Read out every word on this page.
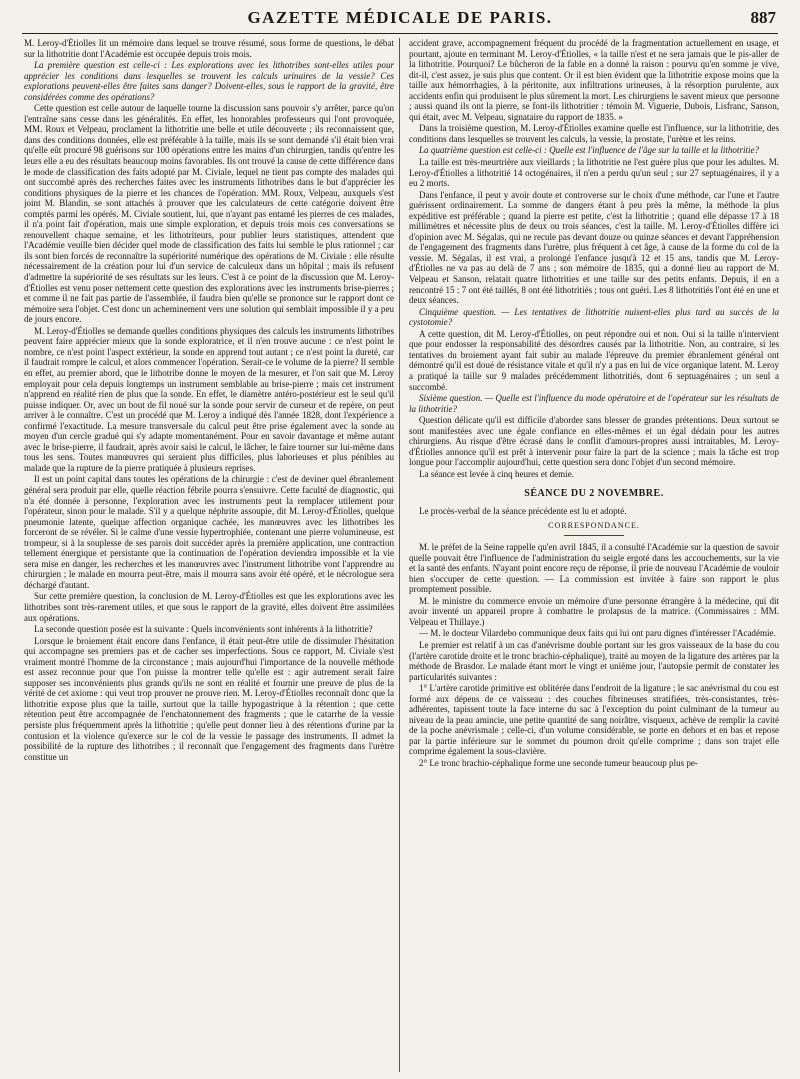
GAZETTE MÉDICALE DE PARIS.	887

M. Leroy-d'Étiolles lit un mémoire dans lequel se trouve résumé, sous forme de questions, le débat sur la lithotritie dont l'Académie est occupée depuis trois mois.

La première question est celle-ci : Les explorations avec les lithotribes sont-elles utiles pour apprécier les conditions dans lesquelles se trouvent les calculs urinaires de la vessie? Ces explorations peuvent-elles être faites sans danger? Doivent-elles, sous le rapport de la gravité, être considérées comme des opérations?

Cette question est celle autour de laquelle tourne la discussion sans pouvoir s'y arrêter, parce qu'on l'entraîne sans cesse dans les généralités. En effet, les honorables professeurs qui l'ont provoquée, MM. Roux et Velpeau, proclament la lithotritie une belle et utile découverte ; ils reconnaissent que, dans des conditions données, elle est préférable à la taille, mais ils se sont demandé s'il était bien vrai qu'elle eût procuré 98 guérisons sur 100 opérations entre les mains d'un chirurgien, tandis qu'entre les leurs elle a eu des résultats beaucoup moins favorables. Ils ont trouvé la cause de cette différence dans le mode de classification des faits adopté par M. Civiale, lequel ne tient pas compte des malades qui ont succombé après des recherches faites avec les instruments lithotribes dans le but d'apprécier les conditions physiques de la pierre et les chances de l'opération. MM. Roux, Velpeau, auxquels s'est joint M. Blandin, se sont attachés à prouver que les calculateurs de cette catégorie doivent être comptés parmi les opérés. M. Civiale soutient, lui, que n'ayant pas entamé les pierres de ces malades, il n'a point fait d'opération, mais une simple exploration, et depuis trois mois ces conversations se renouvellent chaque semaine, et les lithotriteurs, pour publier leurs statistiques, attendent que l'Académie veuille bien décider quel mode de classification des faits lui semble le plus rationnel ; car ils sont bien forcés de reconnaître la supériorité numérique des opérations de M. Civiale : elle résulte nécessairement de la création pour lui d'un service de calculeux dans un hôpital ; mais ils refusent d'admettre la supériorité de ses résultats sur les leurs. C'est à ce point de la discussion que M. Leroy-d'Étiolles est venu poser nettement cette question des explorations avec les instruments brise-pierres ; et comme il ne fait pas partie de l'assemblée, il faudra bien qu'elle se prononce sur le rapport dont ce mémoire sera l'objet. C'est donc un acheminement vers une solution qui semblait impossible il y a peu de jours encore.

M. Leroy-d'Étiolles se demande quelles conditions physiques des calculs les instruments lithotribes peuvent faire apprécier mieux que la sonde exploratrice, et il n'en trouve aucune : ce n'est point le nombre, ce n'est point l'aspect extérieur, la sonde en apprend tout autant ; ce n'est point la dureté, car il faudrait rompre le calcul, et alors commencer l'opération. Serait-ce le volume de la pierre? Il semble en effet, au premier abord, que le lithotribe donne le moyen de la mesurer, et l'on sait que M. Leroy employait pour cela depuis longtemps un instrument semblable au brise-pierre ; mais cet instrument n'apprend en réalité rien de plus que la sonde. En effet, le diamètre antéro-postérieur est le seul qu'il puisse indiquer. Or, avec un bout de fil noué sur la sonde pour servir de curseur et de repère, on peut arriver à le connaître. C'est un procédé que M. Leroy a indiqué dès l'année 1828, dont l'expérience a confirmé l'exactitude. La mesure transversale du calcul peut être prise également avec la sonde au moyen d'un cercle gradué qui s'y adapte momentanément. Pour en savoir davantage et même autant avec le brise-pierre, il faudrait, après avoir saisi le calcul, le lâcher, le faire tourner sur lui-même dans tous les sens. Toutes manœuvres qui seraient plus difficiles, plus laborieuses et plus pénibles au malade que la rupture de la pierre pratiquée à plusieurs reprises.

Il est un point capital dans toutes les opérations de la chirurgie : c'est de deviner quel ébranlement général sera produit par elle, quelle réaction fébrile pourra s'ensuivre. Cette faculté de diagnostic, qui n'a été donnée à personne, l'exploration avec les instruments peut la remplacer utilement pour l'opérateur, sinon pour le malade. S'il y a quelque néphrite assoupie, dit M. Leroy-d'Étiolles, quelque pneumonie latente, quelque affection organique cachée, les manœuvres avec les lithotribes les forceront de se révéler. Si le calme d'une vessie hypertrophiée, contenant une pierre volumineuse, est trompeur, si à la souplesse de ses parois doit succéder après la première application, une contraction tellement énergique et persistante que la continuation de l'opération deviendra impossible et la vie sera mise en danger, les recherches et les manœuvres avec l'instrument lithotribe vont l'apprendre au chirurgien ; le malade en mourra peut-être, mais il mourra sans avoir été opéré, et le nécrologue sera déchargé d'autant.

Sur cette première question, la conclusion de M. Leroy-d'Étiolles est que les explorations avec les lithotribes sont très-rarement utiles, et que sous le rapport de la gravité, elles doivent être assimilées aux opérations.

La seconde question posée est la suivante : Quels inconvénients sont inhérents à la lithotritie?

Lorsque le broiement était encore dans l'enfance, il était peut-être utile de dissimuler l'hésitation qui accompagne ses premiers pas et de cacher ses imperfections. Sous ce rapport, M. Civiale s'est vraiment montré l'homme de la circonstance ; mais aujourd'hui l'importance de la nouvelle méthode est assez reconnue pour que l'on puisse la montrer telle qu'elle est : agir autrement serait faire supposer ses inconvénients plus grands qu'ils ne sont en réalité et fournir une preuve de plus de la vérité de cet axiome : qui veut trop prouver ne prouve rien. M. Leroy-d'Étiolles reconnaît donc que la lithotritie expose plus que la taille, surtout que la taille hypogastrique à la rétention ; que cette rétention peut être accompagnée de l'enchatonnement des fragments ; que le catarrhe de la vessie persiste plus fréquemment après la lithotritie ; qu'elle peut donner lieu à des rétentions d'urine par la contusion et la violence qu'exerce sur le col de la vessie le passage des instruments. Il admet la possibilité de la rupture des lithotribes ; il reconnaît que l'engagement des fragments dans l'urètre constitue un

accident grave, accompagnement fréquent du procédé de la fragmentation actuellement en usage, et pourtant, ajoute en terminant M. Leroy-d'Étiolles, « la taille n'est et ne sera jamais que le pis-aller de la lithotritie. Pourquoi? Le bûcheron de la fable en a donné la raison : pourvu qu'en somme je vive, dit-il, c'est assez, je suis plus que content. Or il est bien évident que la lithotritie expose moins que la taille aux hémorrhagies, à la péritonite, aux infiltrations urineuses, à la résorption purulente, aux accidents enfin qui produisent le plus sûrement la mort. Les chirurgiens le savent mieux que personne ; aussi quand ils ont la pierre, se font-ils lithotritier : témoin M. Viguerie, Dubois, Lisfranc, Sanson, qui était, avec M. Velpeau, signataire du rapport de 1835. »

Dans la troisième question, M. Leroy-d'Étiolles examine quelle est l'influence, sur la lithotritie, des conditions dans lesquelles se trouvent les calculs, la vessie, la prostate, l'urètre et les reins.

La quatrième question est celle-ci : Quelle est l'influence de l'âge sur la taille et la lithotritie?

La taille est très-meurtrière aux vieillards ; la lithotritie ne l'est guère plus que pour les adultes. M. Leroy-d'Étiolles a lithotritié 14 octogénaires, il n'en a perdu qu'un seul ; sur 27 septuagénaires, il y a eu 2 morts.

Dans l'enfance, il peut y avoir doute et controverse sur le choix d'une méthode, car l'une et l'autre guérissent ordinairement. La somme de dangers étant à peu près la même, la méthode la plus expéditive est préférable ; quand la pierre est petite, c'est la lithotritie ; quand elle dépasse 17 à 18 millimètres et nécessite plus de deux ou trois séances, c'est la taille. M. Leroy-d'Étiolles diffère ici d'opinion avec M. Ségalas, qui ne recule pas devant douze ou quinze séances et devant l'appréhension de l'engagement des fragments dans l'urètre, plus fréquent à cet âge, à cause de la forme du col de la vessie. M. Ségalas, il est vrai, a prolongé l'enfance jusqu'à 12 et 15 ans, tandis que M. Leroy-d'Étiolles ne va pas au delà de 7 ans ; son mémoire de 1835, qui a donné lieu au rapport de M. Velpeau et Sanson, relatait quatre lithotrities et une taille sur des petits enfants. Depuis, il en a rencontré 15 : 7 ont été taillés, 8 ont été lithotritiés ; tous ont guéri. Les 8 lithotritiés l'ont été en une et deux séances.

Cinquième question. — Les tentatives de lithotritie nuisent-elles plus tard au succès de la cystotomie?

A cette question, dit M. Leroy-d'Étiolles, on peut répondre oui et non. Oui si la taille n'intervient que pour endosser la responsabilité des désordres causés par la lithotritie. Non, au contraire, si les tentatives du broiement ayant fait subir au malade l'épreuve du premier ébranlement général ont démontré qu'il est doué de résistance vitale et qu'il n'y a pas en lui de vice organique latent. M. Leroy a pratiqué la taille sur 9 malades précédemment lithotritiés, dont 6 septuagénaires ; un seul a succombé.

Sixième question. — Quelle est l'influence du mode opératoire et de l'opérateur sur les résultats de la lithotritie?

Question délicate qu'il est difficile d'aborder sans blesser de grandes prétentions. Deux surtout se sont manifestées avec une égale confiance en elles-mêmes et un égal dédain pour les autres chirurgiens. Au risque d'être écrasé dans le conflit d'amours-propres aussi intraitables, M. Leroy-d'Étiolles annonce qu'il est prêt à intervenir pour faire la part de la science ; mais la tâche est trop longue pour l'accomplir aujourd'hui, cette question sera donc l'objet d'un second mémoire.

La séance est levée à cinq heures et demie.

SÉANCE DU 2 NOVEMBRE.

Le procès-verbal de la séance précédente est lu et adopté.

CORRESPONDANCE.

M. le préfet de la Seine rappelle qu'en avril 1845, il a consulté l'Académie sur la question de savoir quelle pouvait être l'influence de l'administration du seigle ergoté dans les accouchements, sur la vie et la santé des enfants. N'ayant point encore reçu de réponse, il prie de nouveau l'Académie de vouloir bien s'occuper de cette question. — La commission est invitée à faire son rapport le plus promptement possible.

M. le ministre du commerce envoie un mémoire d'une personne étrangère à la médecine, qui dit avoir inventé un appareil propre à combattre le prolapsus de la matrice. (Commissaires : MM. Velpeau et Thillaye.)

— M. le docteur Vilardebo communique deux faits qui lui ont paru dignes d'intéresser l'Académie.

Le premier est relatif à un cas d'anévrisme double portant sur les gros vaisseaux de la base du cou (l'artère carotide droite et le tronc brachio-céphalique), traité au moyen de la ligature des artères par la méthode de Brasdor. Le malade étant mort le vingt et unième jour, l'autopsie permit de constater les particularités suivantes :

1° L'artère carotide primitive est oblitérée dans l'endroit de la ligature ; le sac anévrismal du cou est formé aux dépens de ce vaisseau : des couches fibrineuses stratifiées, très-consistantes, très-adhérentes, tapissent toute la face interne du sac à l'exception du point culminant de la tumeur au niveau de la peau amincie, une petite quantité de sang noirâtre, visqueux, achève de remplir la cavité de la poche anévrismale ; celle-ci, d'un volume considérable, se porte en dehors et en bas et repose par la partie inférieure sur le sommet du poumon droit qu'elle comprime ; dans son trajet elle comprime également la sous-clavière.

2° Le tronc brachio-céphalique forme une seconde tumeur beaucoup plus pe-
